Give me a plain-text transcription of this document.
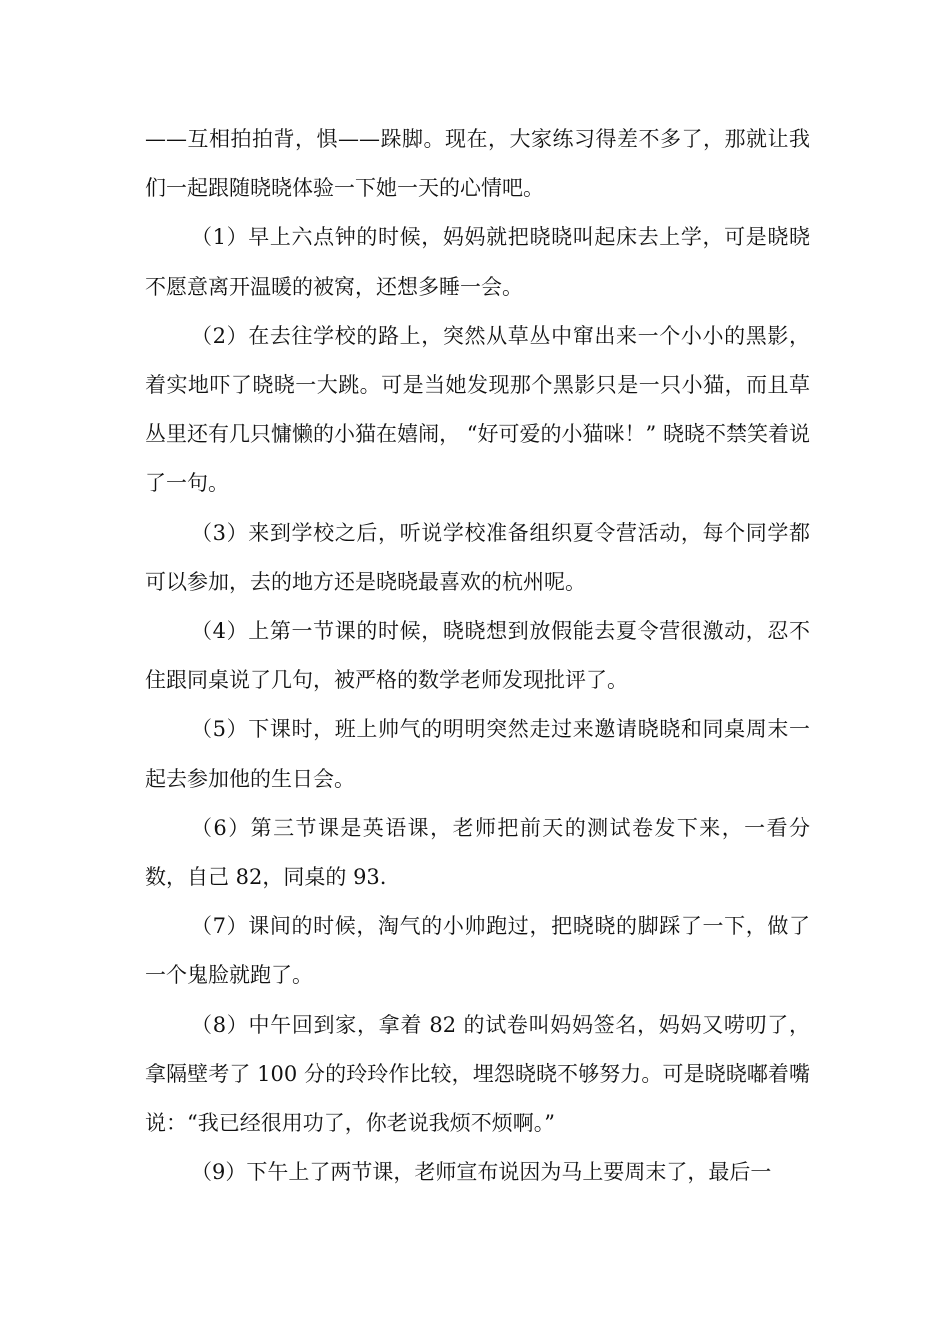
——互相拍拍背，惧——跺脚。现在，大家练习得差不多了，那就让我们一起跟随晓晓体验一下她一天的心情吧。

（1）早上六点钟的时候，妈妈就把晓晓叫起床去上学，可是晓晓不愿意离开温暖的被窝，还想多睡一会。

（2）在去往学校的路上，突然从草丛中窜出来一个小小的黑影，着实地吓了晓晓一大跳。可是当她发现那个黑影只是一只小猫，而且草丛里还有几只慵懒的小猫在嬉闹， “好可爱的小猫咪！” 晓晓不禁笑着说了一句。

（3）来到学校之后，听说学校准备组织夏令营活动，每个同学都可以参加，去的地方还是晓晓最喜欢的杭州呢。

（4）上第一节课的时候，晓晓想到放假能去夏令营很激动，忍不住跟同桌说了几句，被严格的数学老师发现批评了。

（5）下课时，班上帅气的明明突然走过来邀请晓晓和同桌周末一起去参加他的生日会。

（6）第三节课是英语课，老师把前天的测试卷发下来，一看分数，自己 82，同桌的 93.

（7）课间的时候，淘气的小帅跑过，把晓晓的脚踩了一下，做了一个鬼脸就跑了。

（8）中午回到家，拿着 82 的试卷叫妈妈签名，妈妈又唠叨了，拿隔壁考了 100 分的玲玲作比较，埋怨晓晓不够努力。可是晓晓嘟着嘴说：“我已经很用功了，你老说我烦不烦啊。”

（9）下午上了两节课，老师宣布说因为马上要周末了，最后一
